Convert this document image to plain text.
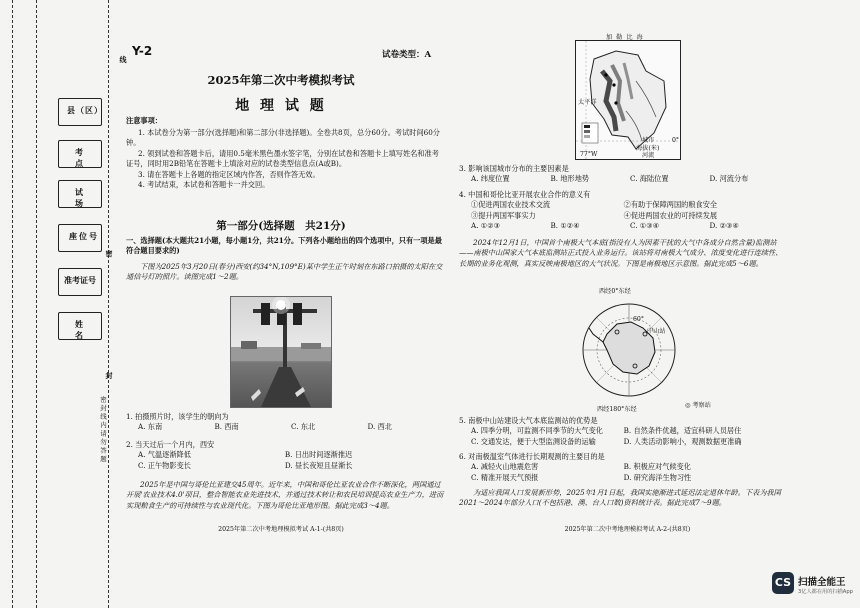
线
封
密
密封线内请勿答题
县（区）
考点
试场
座位号
准考证号
姓名
Y-2	试卷类型：A
2025年第二次中考模拟考试
地 理 试 题
注意事项：
1. 本试卷分为第一部分(选择题)和第二部分(非选择题)。全卷共8页，总分60分。考试时间60分钟。
2. 领到试卷和答题卡后，请用0.5毫米黑色墨水签字笔，分别在试卷和答题卡上填写姓名和准考证号，同时用2B铅笔在答题卡上填涂对应的试卷类型信息点(A或B)。
3. 请在答题卡上各题的指定区域内作答，否则作答无效。
4. 考试结束，本试卷和答题卡一并交回。
第一部分(选择题　共21分)
一、选择题(本大题共21小题，每小题1分，共21分。下列各小题给出的四个选项中，只有一项是最符合题目要求的)
下图为2025年3月20日(春分)西安(约34°N,109°E)某中学生正午时刻在东路口拍摄的太阳在交通信号灯的照片。读图完成1～2题。
1. 拍摄照片时，该学生的朝向为
A. 东南	B. 西南	C. 东北	D. 西北
2. 当天过后一个月内，西安
A. 气温逐渐降低	B. 日出时间逐渐推迟
C. 正午物影变长	D. 昼长夜短且昼渐长
2025年是中国与哥伦比亚建交45周年。近年来，中国和哥伦比亚农业合作不断深化，两国通过开展'农业技术4.0'项目，整合智能农业先进技术，并通过技术转让和农民培训提高农业生产力，进而实现粮食生产的可持续性与农业现代化。下图为哥伦比亚地形图。据此完成3～4题。
2025年第二次中考地理模拟考试 A-1-(共8页)
加勒比海
太平洋
0°
77°W
城市
海拔(米)
河流
3. 影响该国城市分布的主要因素是
A. 纬度位置	B. 地形地势	C. 海陆位置	D. 河流分布
4. 中国和哥伦比亚开展农业合作的意义有
①促进两国农业技术交流	②有助于保障两国的粮食安全
③提升两国军事实力	④促进两国农业的可持续发展
A. ①②③	B. ①②④	C. ①③④	D. ②③④
2024年12月1日，中国首个南极大气本底(指没有人为因素干扰的大气中各成分自然含量)监测站——南极中山国家大气本底监测站正式投入业务运行。该站将对南极大气成分、浓度变化进行连续性、长期的业务化观测，真实反映南极地区的大气状况。下图是南极地区示意图。据此完成5～6题。
西经0°东经
西经180°东经
中山站
60°
◎ 考察站
5. 南极中山站建设大气本底监测站的优势是
A. 四季分明，可监测不同季节的大气变化	B. 自然条件优越，适宜科研人员居住
C. 交通发达，便于大型监测设备的运输	D. 人类活动影响小，观测数据更准确
6. 对南极温室气体进行长期观测的主要目的是
A. 减轻火山地震危害	B. 积极应对气候变化
C. 精准开展天气预报	D. 研究海洋生物习性
为适应我国人口发展新形势，2025年1月1日起，我国实施渐进式延迟法定退休年龄。下表为我国2021～2024年部分人口(不包括港、澳、台人口数)资料统计表。据此完成7～9题。
2025年第二次中考地理模拟考试 A-2-(共8页)
CS 扫描全能王
3亿人都在用的扫描App
